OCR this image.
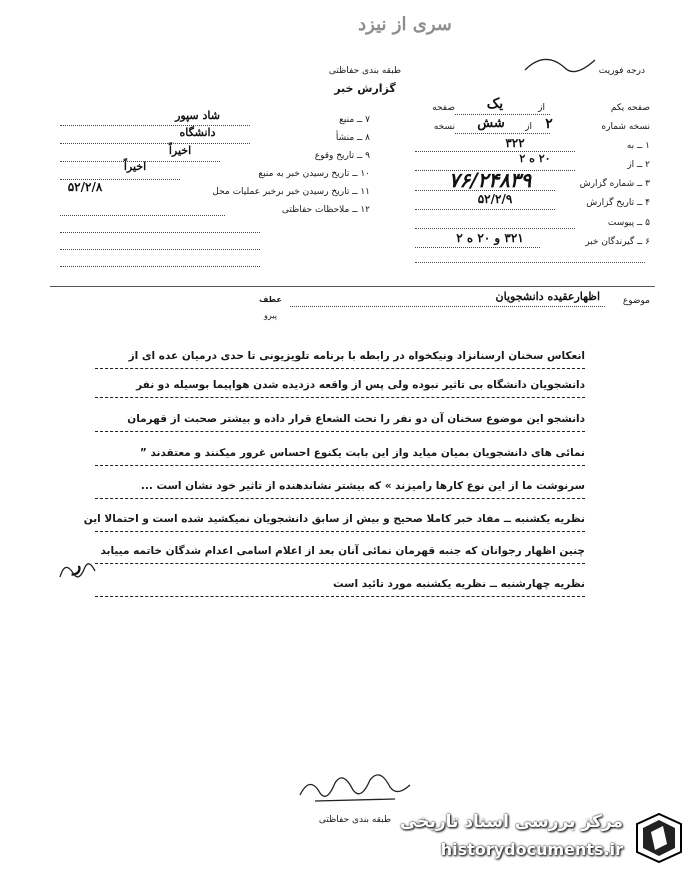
سری از نیزد
طبقه بندی حفاظتی
گزارش خبر
درجه فوریت
صفحه یکم
یک	از
صفحه
نسخه شماره
۲
از
شش
نسخه
۱ ــ به
۳۲۲
۲ ــ از
۲۰ ه ۲
۳ ــ شماره گزارش
۷۶/۲۴۸۳۹
۴ ــ تاریخ گزارش
۵۲/۲/۹
۵ ــ پیوست
۶ ــ گیرندگان خبر
۳۲۱ و ۲۰ ه ۲
۷ ــ منبع
شاد سپور
۸ ــ منشأ
دانشگاه
۹ ــ تاریخ وقوع
اخیراً
۱۰ ــ تاریخ رسیدن خبر به منبع
اخیراً
۱۱ ــ تاریخ رسیدن خبر برخبر عملیات محل
۵۲/۲/۸
۱۲ ــ ملاحظات حفاظتی
موضوع
اظهارعقیده دانشجویان
عطف
پیرو
انعکاس سخنان ارسنانزاد ونیکخواه در رابطه با برنامه تلویزیونی تا حدی درمیان عده ای از
دانشجویان دانشگاه بی تاثیر نبوده ولی پس از واقعه دزدیده شدن هواپیما بوسیله دو نفر
دانشجو این موضوع سخنان آن دو نفر را تحت الشعاع قرار داده و بیشتر صحبت از قهرمان
نمائی های دانشجویان بمیان میاید واز این بابت یکنوع احساس غرور میکنند و معتقدند ”
سرنوشت ما از این نوع کارها رامیزند » که بیشتر نشاندهنده از تاثیر خود نشان است ...
نظریه یکشنبه ــ مفاد خبر کاملا صحیح و بیش از سابق دانشجویان نمیکشید شده است و احتمالا این
چنین اظهار رجوانان که جنبه قهرمان نمائی آنان بعد از اعلام اسامی اعدام شدگان خاتمه مییابد
نظریه چهارشنبه ــ نظریه یکشنبه مورد تائید است
ر
طبقه بندی حفاظتی مرکز بررسی اسناد تاریخی
historydocuments.ir
